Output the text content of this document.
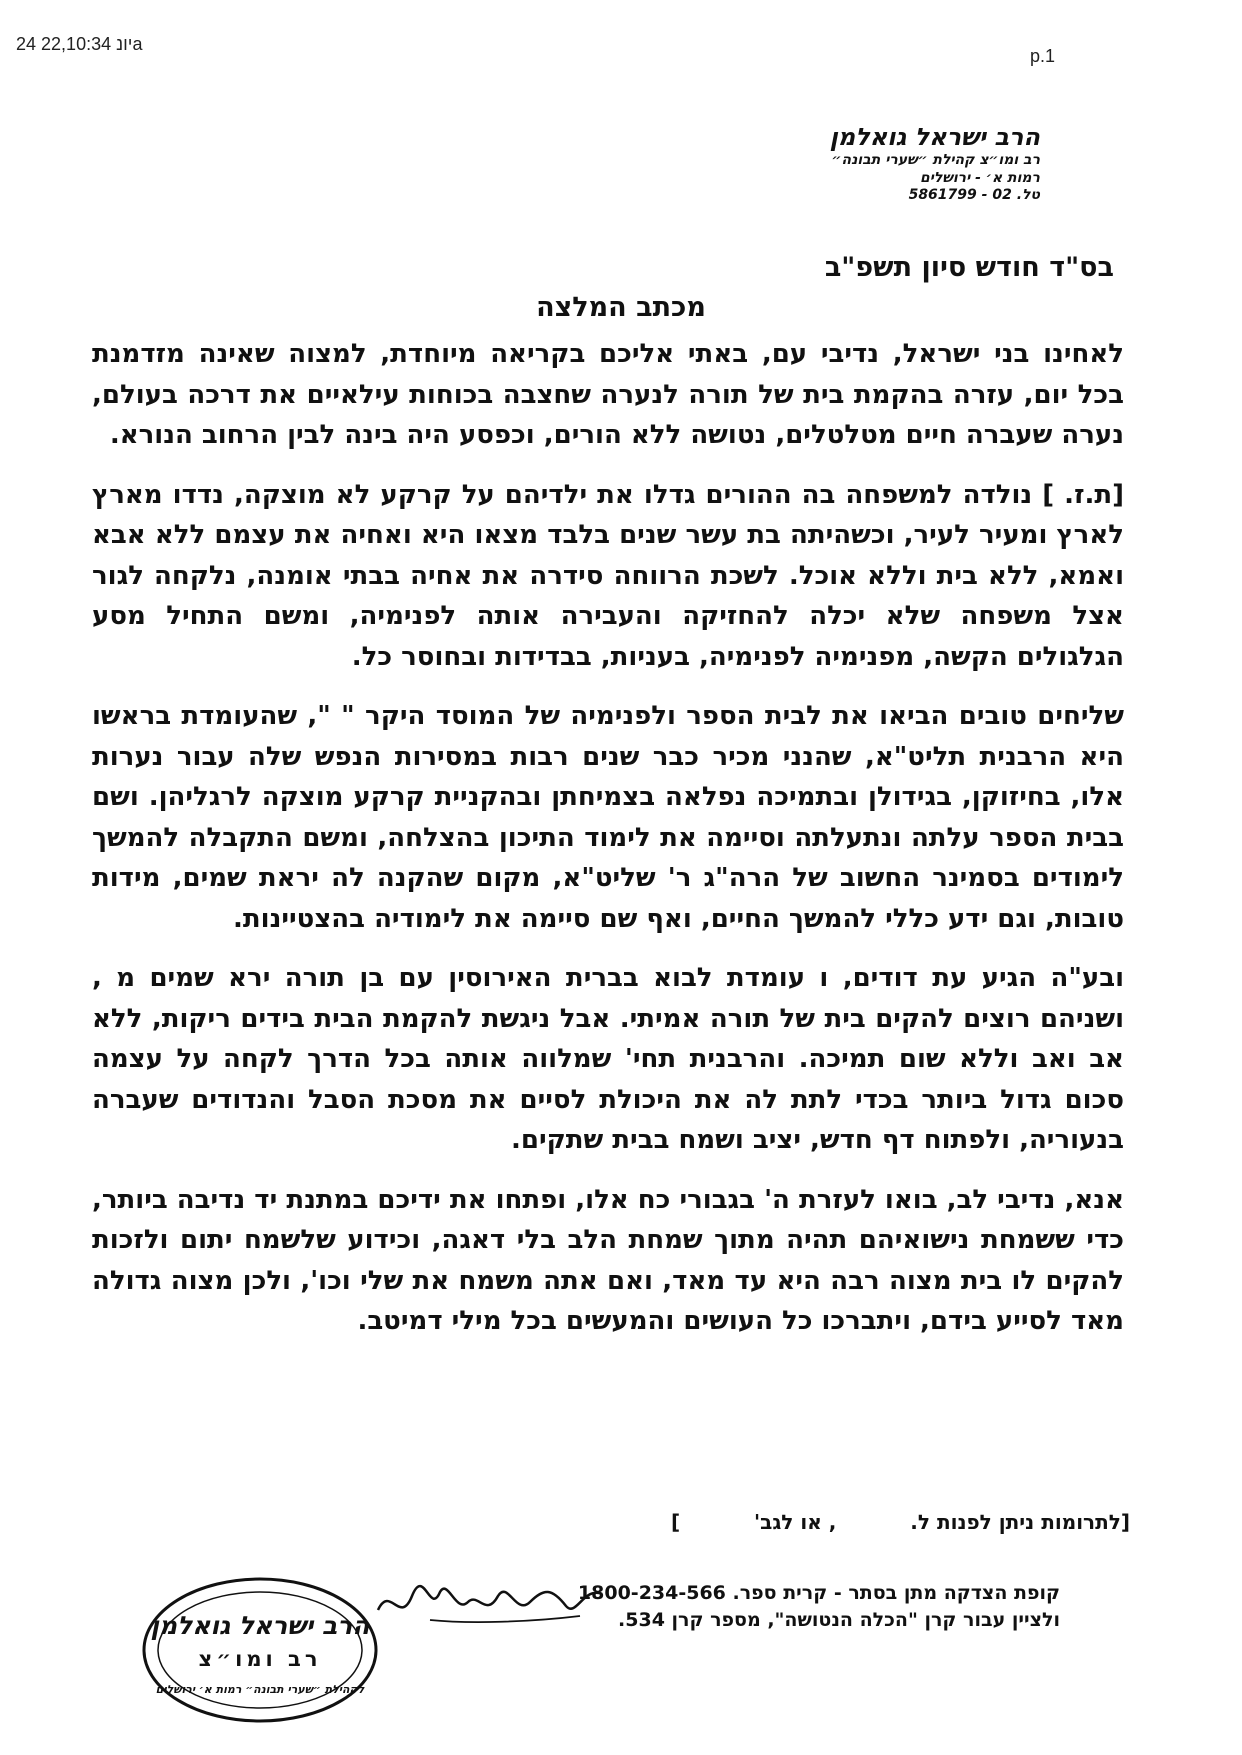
24 יונ 22,10:34a
p.1
הרב ישראל גואלמן
רב ומו״צ קהילת ״שערי תבונה״
רמות א׳ - ירושלים
טל. 02 - 5861799
בס"ד חודש סיון תשפ"ב
מכתב המלצה

לאחינו בני ישראל, נדיבי עם, באתי אליכם בקריאה מיוחדת, למצוה שאינה מזדמנת בכל יום, עזרה בהקמת בית של תורה לנערה שחצבה בכוחות עילאיים את דרכה בעולם, נערה שעברה חיים מטלטלים, נטושה ללא הורים, וכפסע היה בינה לבין הרחוב הנורא.

[ת.ז. ] נולדה למשפחה בה ההורים גדלו את ילדיהם על קרקע לא מוצקה, נדדו מארץ לארץ ומעיר לעיר, וכשהיתה בת עשר שנים בלבד מצאו היא ואחיה את עצמם ללא אבא ואמא, ללא בית וללא אוכל. לשכת הרווחה סידרה את אחיה בבתי אומנה, נלקחה לגור אצל משפחה שלא יכלה להחזיקה והעבירה אותה לפנימיה, ומשם התחיל מסע הגלגולים הקשה, מפנימיה לפנימיה, בעניות, בבדידות ובחוסר כל.

שליחים טובים הביאו את לבית הספר ולפנימיה של המוסד היקר " ", שהעומדת בראשו היא הרבנית תליט"א, שהנני מכיר כבר שנים רבות במסירות הנפש שלה עבור נערות אלו, בחיזוקן, בגידולן ובתמיכה נפלאה בצמיחתן ובהקניית קרקע מוצקה לרגליהן. ושם בבית הספר עלתה ונתעלתה וסיימה את לימוד התיכון בהצלחה, ומשם התקבלה להמשך לימודים בסמינר החשוב של הרה"ג ר' שליט"א, מקום שהקנה לה יראת שמים, מידות טובות, וגם ידע כללי להמשך החיים, ואף שם סיימה את לימודיה בהצטיינות.

ובע"ה הגיע עת דודים, ו עומדת לבוא בברית האירוסין עם בן תורה ירא שמים מ , ושניהם רוצים להקים בית של תורה אמיתי. אבל ניגשת להקמת הבית בידים ריקות, ללא אב ואב וללא שום תמיכה. והרבנית תחי' שמלווה אותה בכל הדרך לקחה על עצמה סכום גדול ביותר בכדי לתת לה את היכולת לסיים את מסכת הסבל והנדודים שעברה בנעוריה, ולפתוח דף חדש, יציב ושמח בבית שתקים.

אנא, נדיבי לב, בואו לעזרת ה' בגבורי כח אלו, ופתחו את ידיכם במתנת יד נדיבה ביותר, כדי ששמחת נישואיהם תהיה מתוך שמחת הלב בלי דאגה, וכידוע שלשמח יתום ולזכות להקים לו בית מצוה רבה היא עד מאד, ואם אתה משמח את שלי וכו', ולכן מצוה גדולה מאד לסייע בידם, ויתברכו כל העושים והמעשים בכל מילי דמיטב.

[לתרומות ניתן לפנות ל.  , או לגב'  ]
קופת הצדקה מתן בסתר - קרית ספר. 1800-234-566
ולציין עבור קרן "הכלה הנטושה", מספר קרן 534.
הרב ישראל גואלמן
רב ומו״צ
לקהילת ״שערי תבונה״ רמות א׳ ירושלים
